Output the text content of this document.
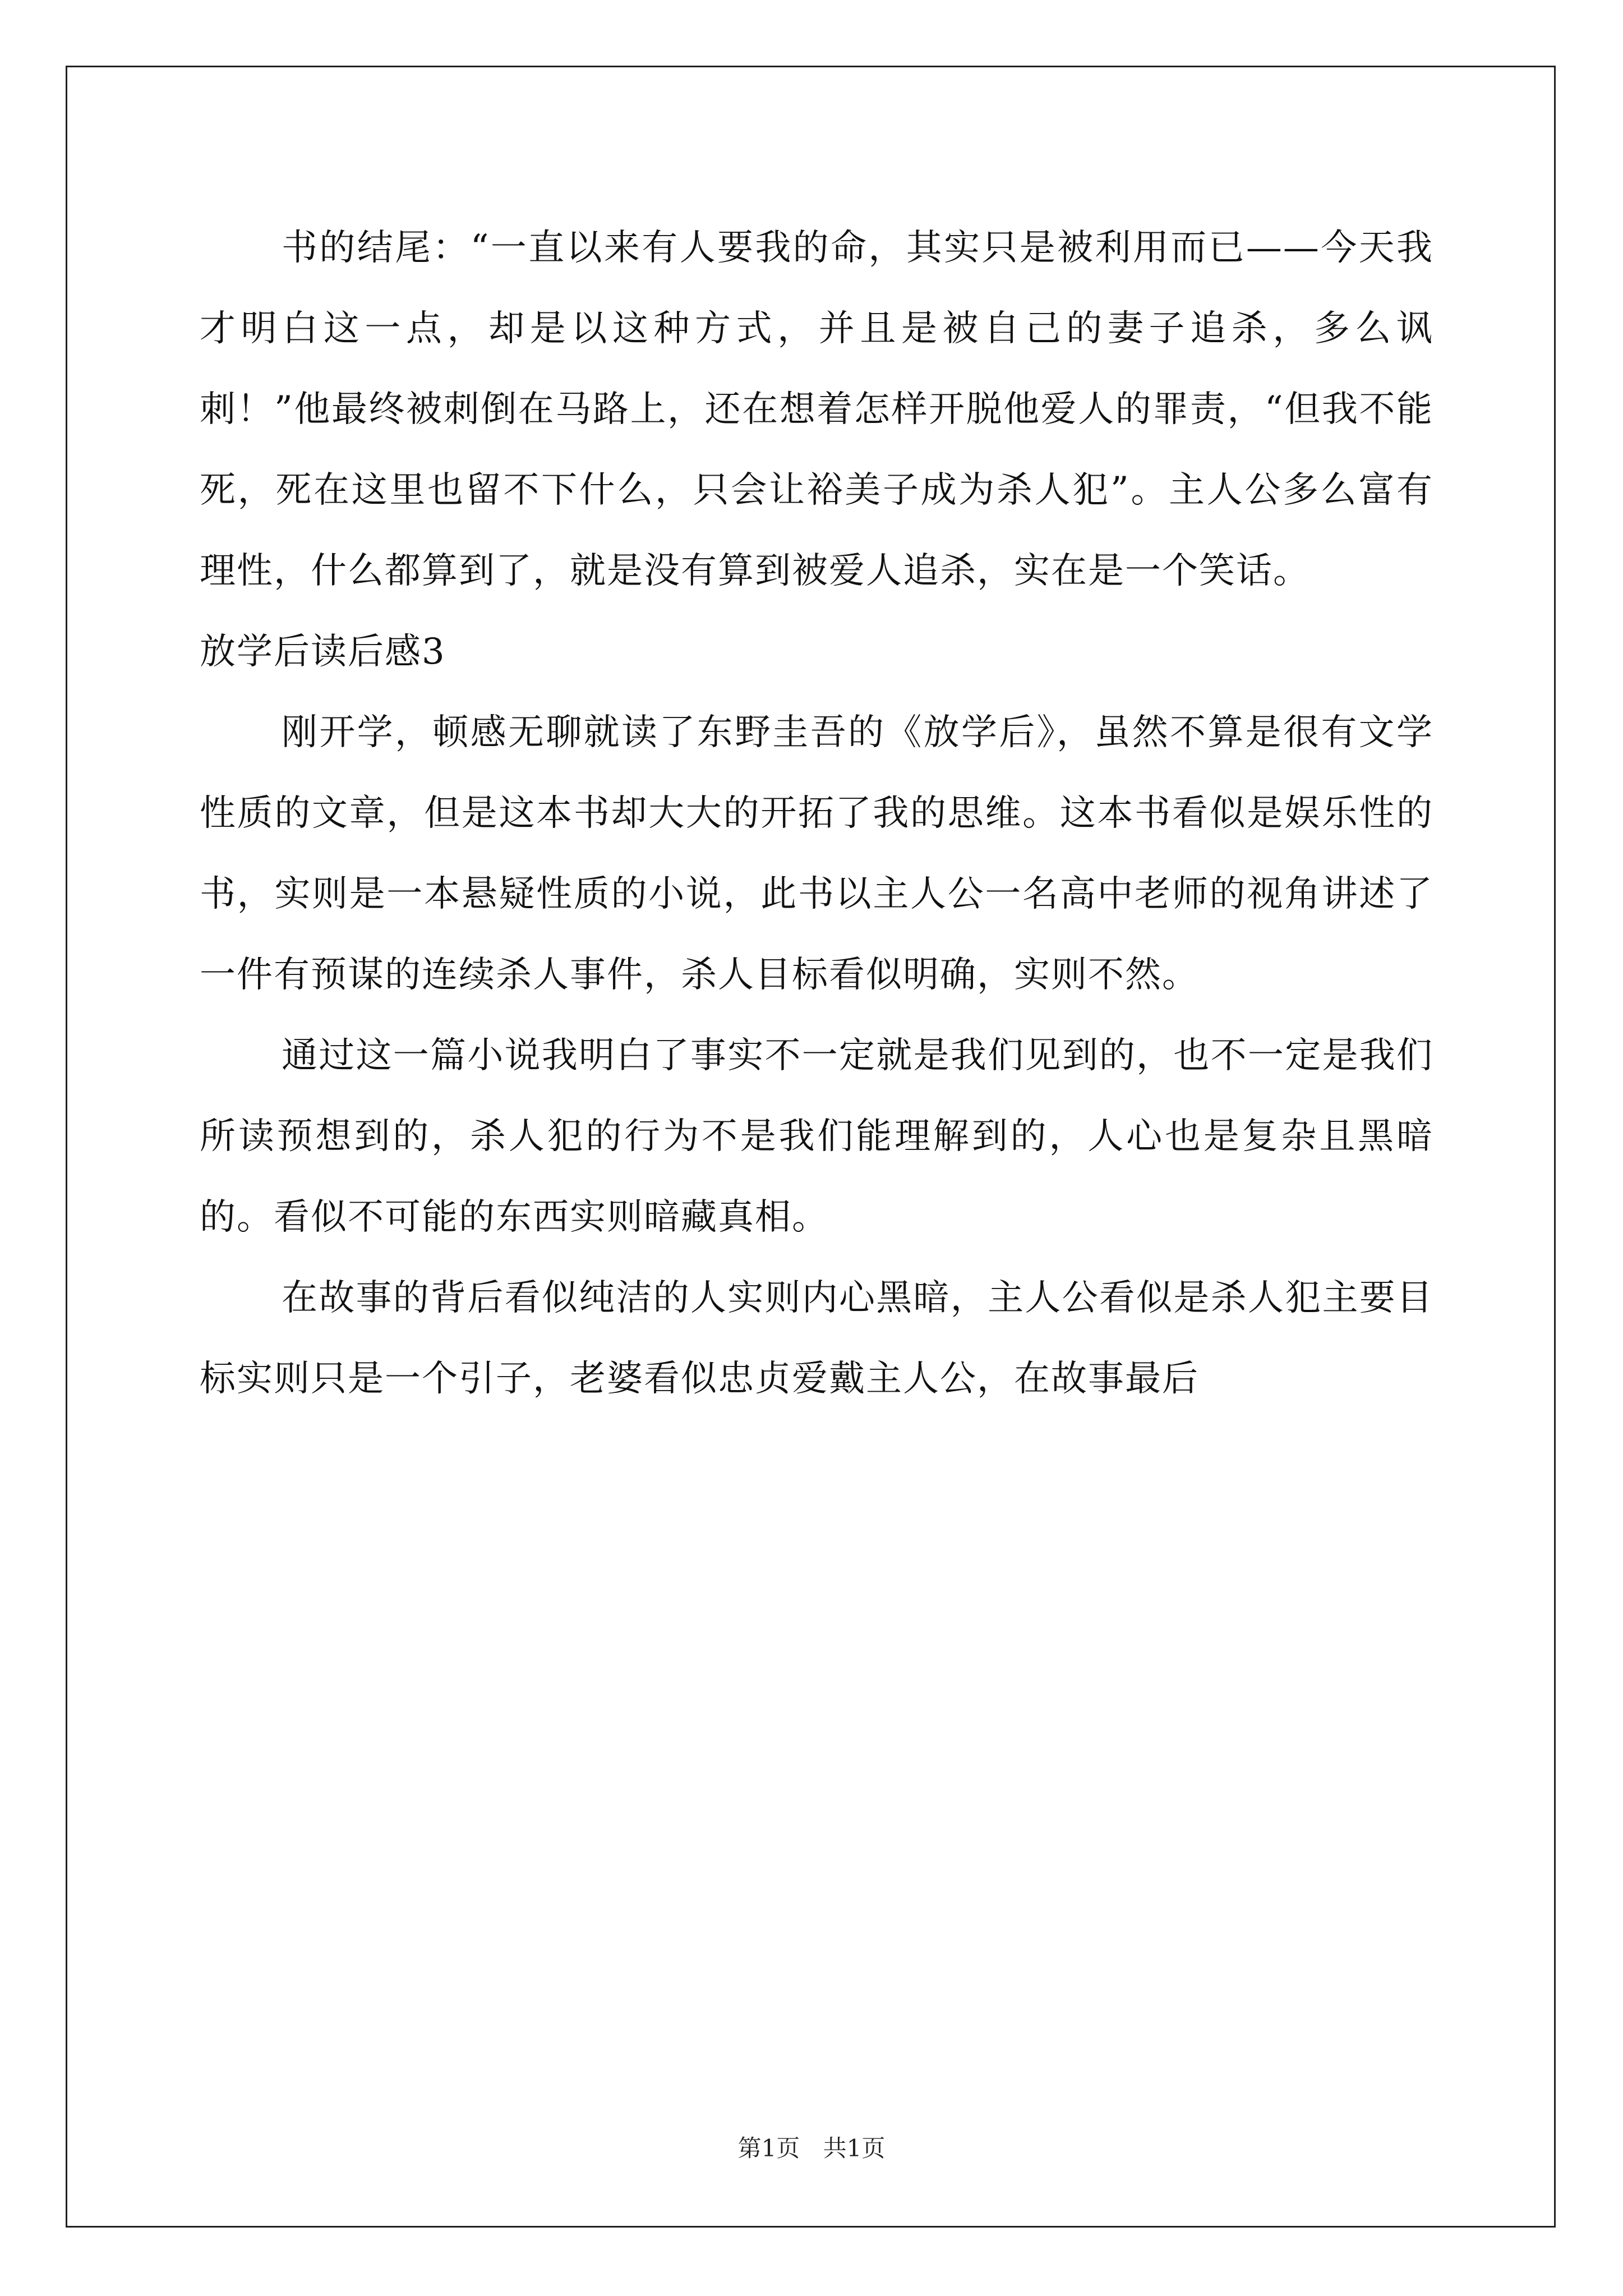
书的结尾：“一直以来有人要我的命，其实只是被利用而已——今天我才明白这一点，却是以这种方式，并且是被自己的妻子追杀，多么讽刺！”他最终被刺倒在马路上，还在想着怎样开脱他爱人的罪责，“但我不能死，死在这里也留不下什么，只会让裕美子成为杀人犯”。主人公多么富有理性，什么都算到了，就是没有算到被爱人追杀，实在是一个笑话。

放学后读后感3

刚开学，顿感无聊就读了东野圭吾的《放学后》，虽然不算是很有文学性质的文章，但是这本书却大大的开拓了我的思维。这本书看似是娱乐性的书，实则是一本悬疑性质的小说，此书以主人公一名高中老师的视角讲述了一件有预谋的连续杀人事件，杀人目标看似明确，实则不然。

通过这一篇小说我明白了事实不一定就是我们见到的，也不一定是我们所读预想到的，杀人犯的行为不是我们能理解到的，人心也是复杂且黑暗的。看似不可能的东西实则暗藏真相。

在故事的背后看似纯洁的人实则内心黑暗，主人公看似是杀人犯主要目标实则只是一个引子，老婆看似忠贞爱戴主人公，在故事最后

第1页 共1页
